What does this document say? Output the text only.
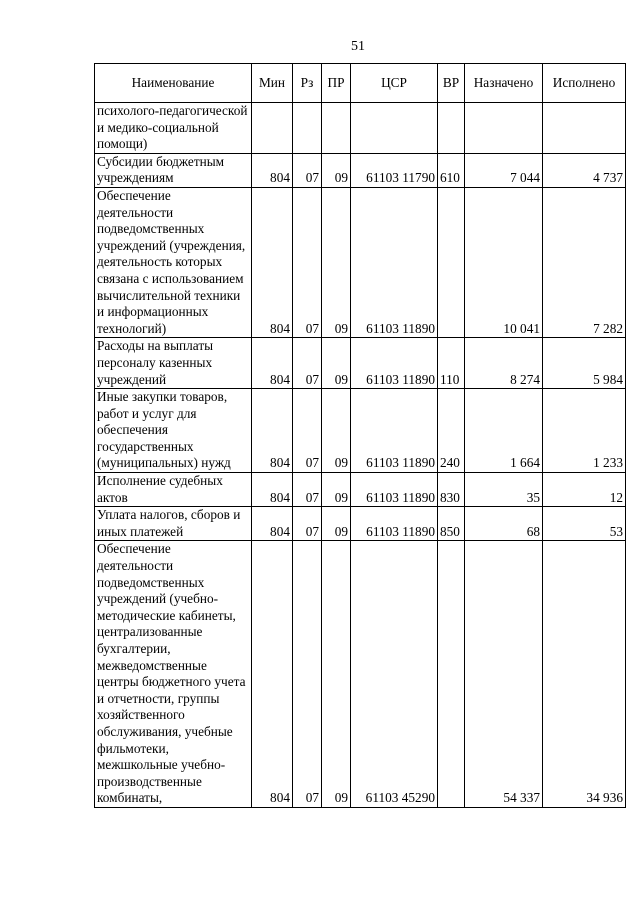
51
Наименование	Мин	Рз	ПР	ЦСР	ВР	Назначено	Исполнено
психолого-педагогической и медико-социальной помощи)							
Субсидии бюджетным учреждениям	804	07	09	61103 11790	610	7 044	4 737
Обеспечение деятельности подведомственных учреждений (учреждения, деятельность которых связана с использованием вычислительной техники и информационных технологий)	804	07	09	61103 11890		10 041	7 282
Расходы на выплаты персоналу казенных учреждений	804	07	09	61103 11890	110	8 274	5 984
Иные закупки товаров, работ и услуг для обеспечения государственных (муниципальных) нужд	804	07	09	61103 11890	240	1 664	1 233
Исполнение судебных актов	804	07	09	61103 11890	830	35	12
Уплата налогов, сборов и иных платежей	804	07	09	61103 11890	850	68	53
Обеспечение деятельности подведомственных учреждений (учебно-методические кабинеты, централизованные бухгалтерии, межведомственные центры бюджетного учета и отчетности, группы хозяйственного обслуживания, учебные фильмотеки, межшкольные учебно-производственные комбинаты,	804	07	09	61103 45290		54 337	34 936
